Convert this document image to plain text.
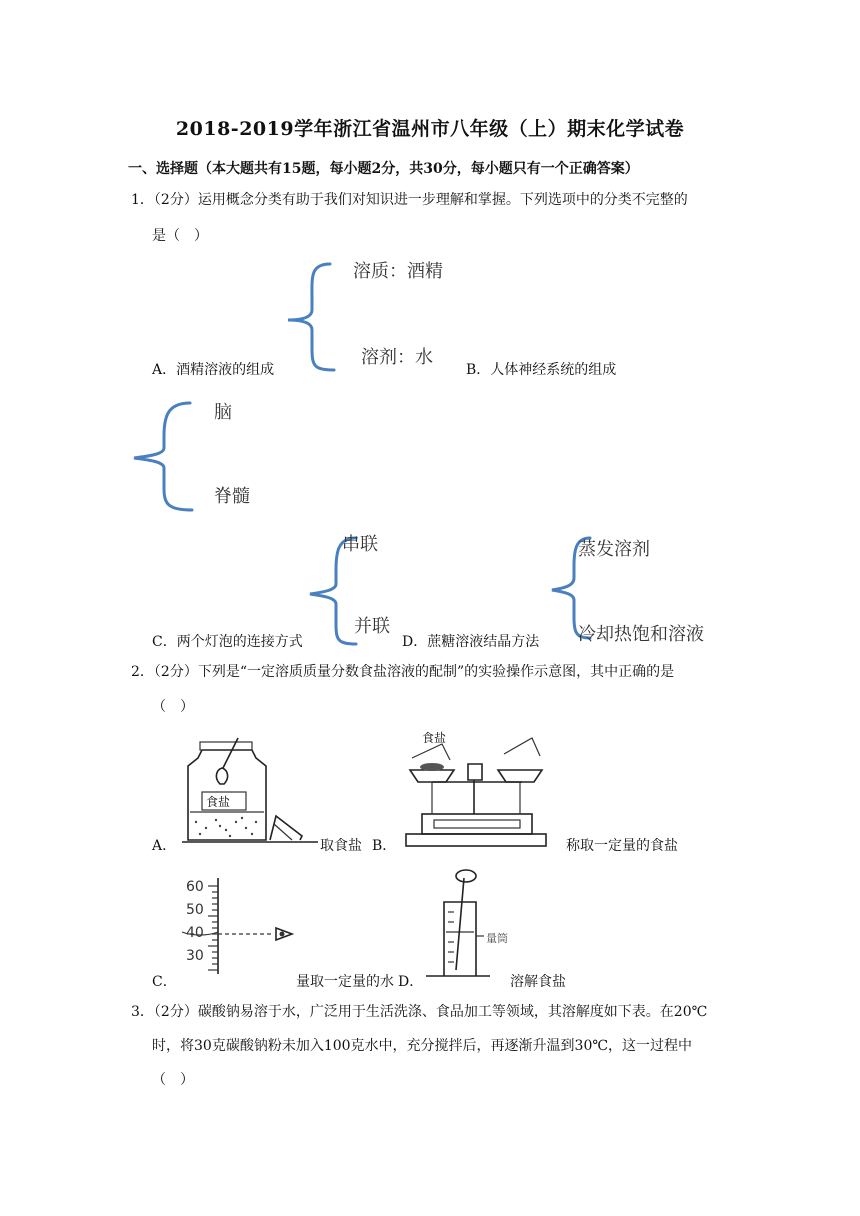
2018-2019学年浙江省温州市八年级（上）期末化学试卷
一、选择题（本大题共有15题，每小题2分，共30分，每小题只有一个正确答案）
1．（2分）运用概念分类有助于我们对知识进一步理解和掌握。下列选项中的分类不完整的
是（　）
溶质：酒精
溶剂：水
A．酒精溶液的组成	B．人体神经系统的组成
脑
脊髓
串联
并联
蒸发溶剂
冷却热饱和溶液
C．两个灯泡的连接方式	D．蔗糖溶液结晶方法
2．（2分）下列是“一定溶质质量分数食盐溶液的配制”的实验操作示意图，其中正确的是
（　）
食盐
食盐
A．	取食盐 B．	称取一定量的食盐
60
50
40
30
量筒
C．	量取一定量的水 D．	溶解食盐
3．（2分）碳酸钠易溶于水，广泛用于生活洗涤、食品加工等领域，其溶解度如下表。在20℃
时，将30克碳酸钠粉未加入100克水中，充分搅拌后，再逐渐升温到30℃，这一过程中
（　）
